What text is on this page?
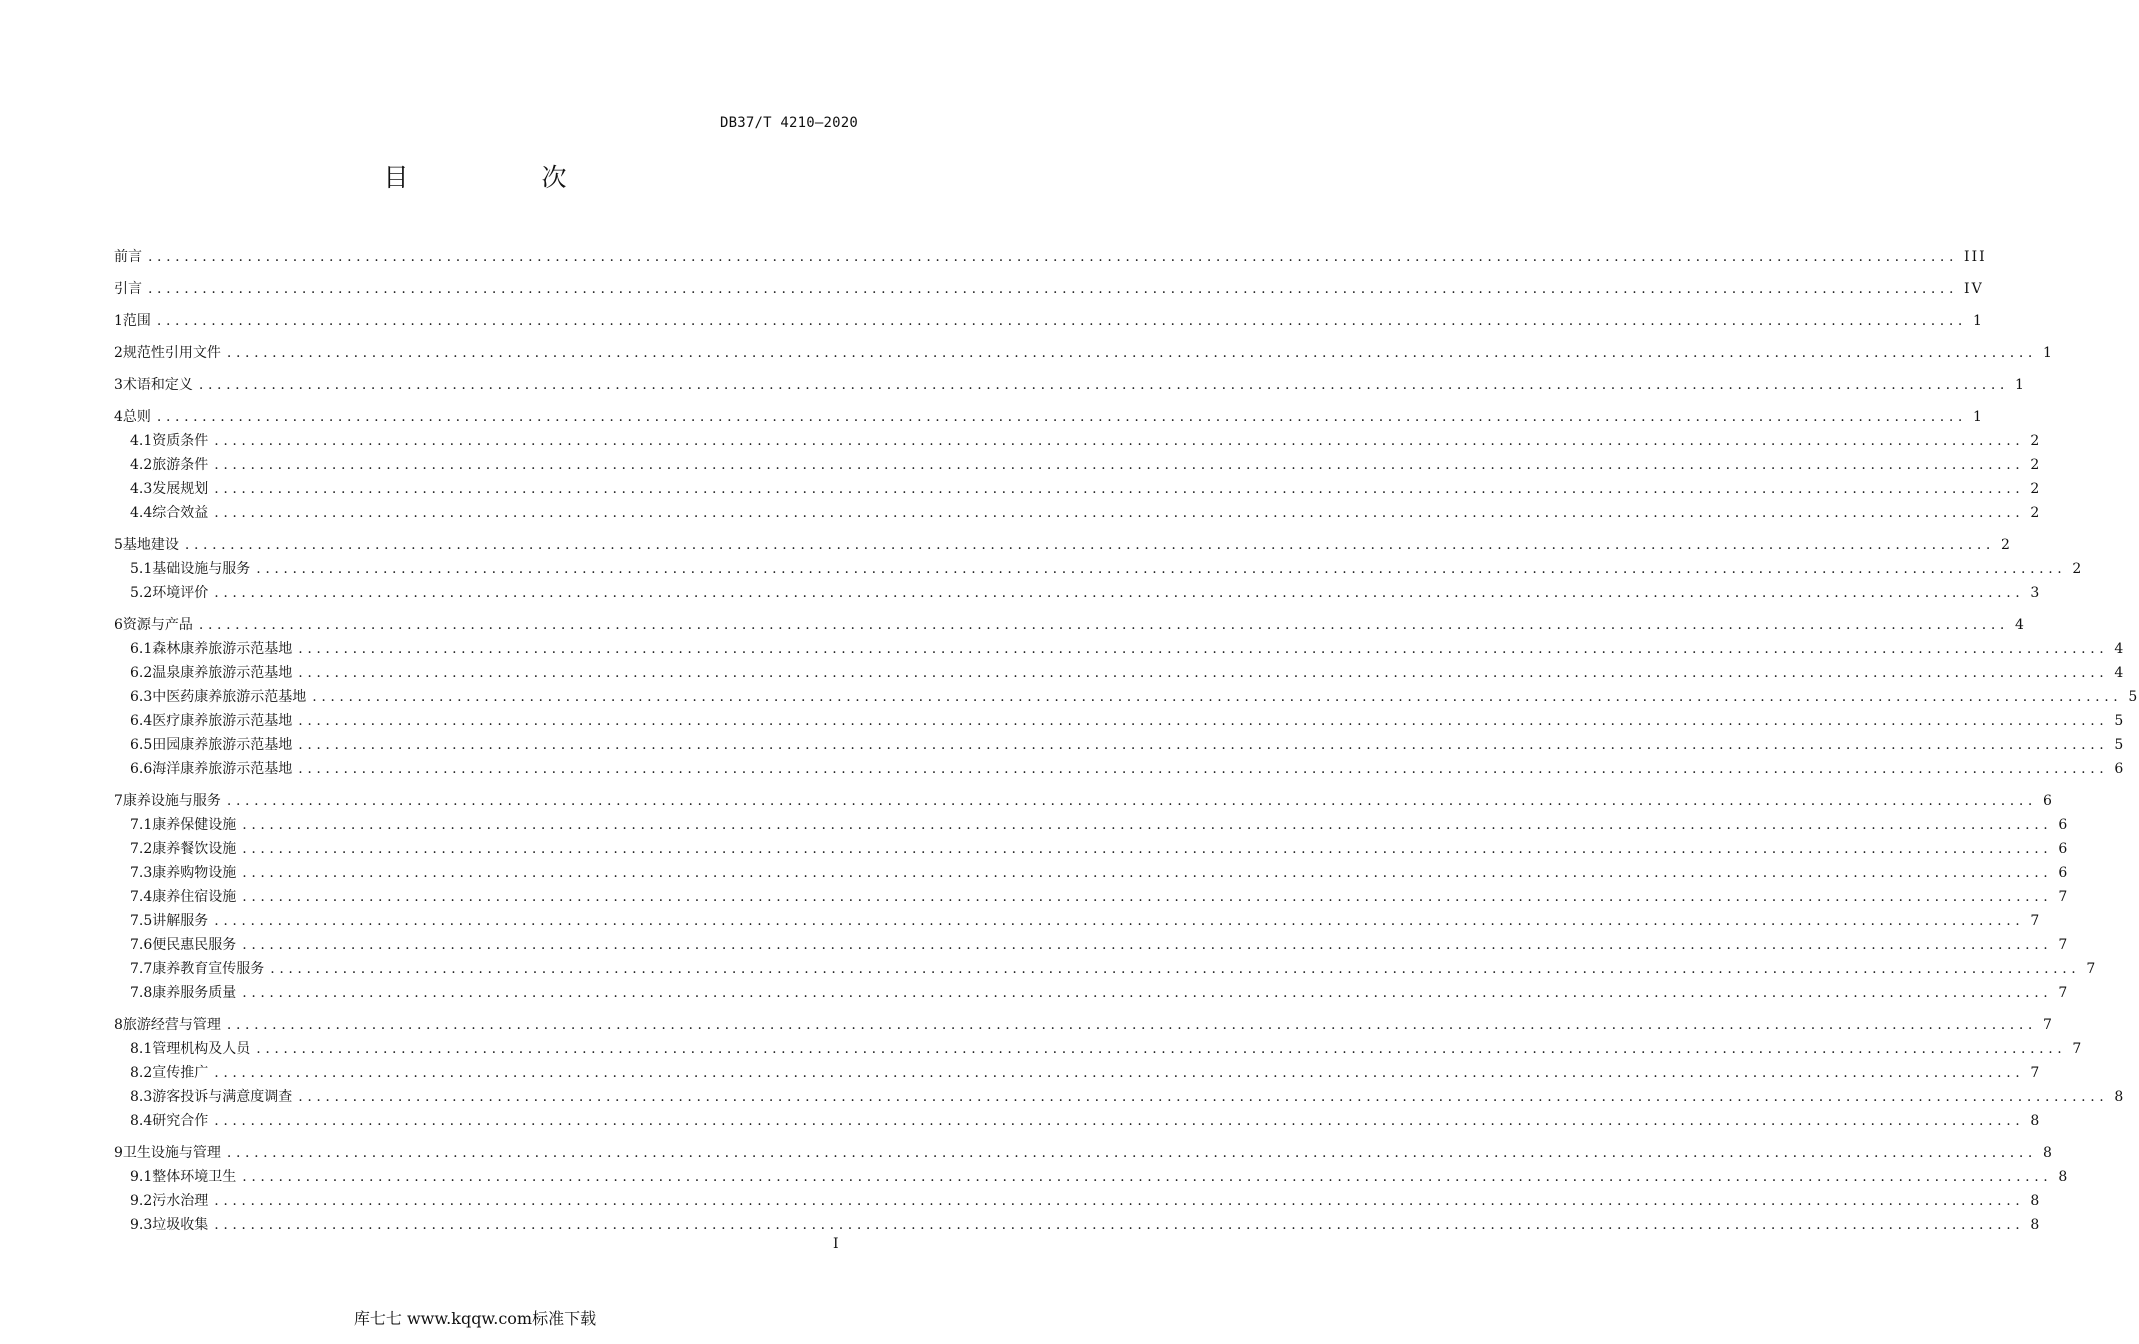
DB37/T 4210—2020
目　次
前言 ........................................................................................................................................................................................................ III
引言 ........................................................................................................................................................................................................ IV
1 范围 ........................................................................................................................................................................................................ 1
2 规范性引用文件 ........................................................................................................................................................................................................ 1
3 术语和定义 ........................................................................................................................................................................................................ 1
4 总则 ........................................................................................................................................................................................................ 1
4.1 资质条件 ........................................................................................................................................................................................................ 2
4.2 旅游条件 ........................................................................................................................................................................................................ 2
4.3 发展规划 ........................................................................................................................................................................................................ 2
4.4 综合效益 ........................................................................................................................................................................................................ 2
5 基地建设 ........................................................................................................................................................................................................ 2
5.1 基础设施与服务 ........................................................................................................................................................................................................ 2
5.2 环境评价 ........................................................................................................................................................................................................ 3
6 资源与产品 ........................................................................................................................................................................................................ 4
6.1 森林康养旅游示范基地 ........................................................................................................................................................................................................ 4
6.2 温泉康养旅游示范基地 ........................................................................................................................................................................................................ 4
6.3 中医药康养旅游示范基地 ........................................................................................................................................................................................................ 5
6.4 医疗康养旅游示范基地 ........................................................................................................................................................................................................ 5
6.5 田园康养旅游示范基地 ........................................................................................................................................................................................................ 5
6.6 海洋康养旅游示范基地 ........................................................................................................................................................................................................ 6
7 康养设施与服务 ........................................................................................................................................................................................................ 6
7.1 康养保健设施 ........................................................................................................................................................................................................ 6
7.2 康养餐饮设施 ........................................................................................................................................................................................................ 6
7.3 康养购物设施 ........................................................................................................................................................................................................ 6
7.4 康养住宿设施 ........................................................................................................................................................................................................ 7
7.5 讲解服务 ........................................................................................................................................................................................................ 7
7.6 便民惠民服务 ........................................................................................................................................................................................................ 7
7.7 康养教育宣传服务 ........................................................................................................................................................................................................ 7
7.8 康养服务质量 ........................................................................................................................................................................................................ 7
8 旅游经营与管理 ........................................................................................................................................................................................................ 7
8.1 管理机构及人员 ........................................................................................................................................................................................................ 7
8.2 宣传推广 ........................................................................................................................................................................................................ 7
8.3 游客投诉与满意度调查 ........................................................................................................................................................................................................ 8
8.4 研究合作 ........................................................................................................................................................................................................ 8
9 卫生设施与管理 ........................................................................................................................................................................................................ 8
9.1 整体环境卫生 ........................................................................................................................................................................................................ 8
9.2 污水治理 ........................................................................................................................................................................................................ 8
9.3 垃圾收集 ........................................................................................................................................................................................................ 8
I
库七七 www.kqqw.com标准下载
